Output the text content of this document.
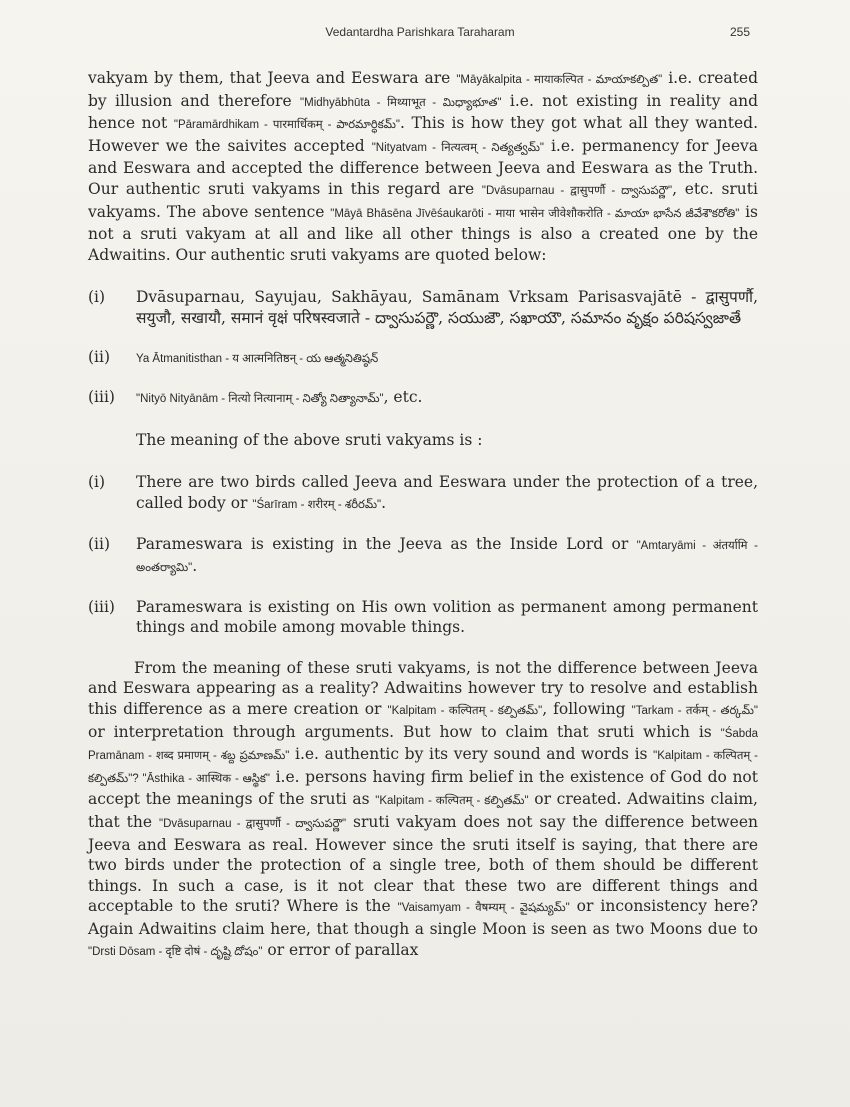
Vedantardha Parishkara Taraharam	255

vakyam by them, that Jeeva and Eeswara are "Māyākalpita - मायाकल्पित - మాయాకల్పిత" i.e. created by illusion and therefore "Midhyābhūta - मिथ्याभूत - మిధ్యాభూత" i.e. not existing in reality and hence not "Pāramārdhikam - पारमार्धिकम् - పారమార్ధికమ్". This is how they got what all they wanted. However we the saivites accepted "Nityatvam - नित्यत्वम् - నిత్యత్వమ్" i.e. permanency for Jeeva and Eeswara and accepted the difference between Jeeva and Eeswara as the Truth. Our authentic sruti vakyams in this regard are "Dvāsuparnau - द्वासुपर्णौ - ద్వాసుపర్ణౌ", etc. sruti vakyams. The above sentence "Māyā Bhāsēna Jīvēśaukarōti - माया भासेन जीवेशौकरोति - మాయా భాసేన జీవేశౌకరోతి" is not a sruti vakyam at all and like all other things is also a created one by the Adwaitins. Our authentic sruti vakyams are quoted below:

(i)	Dvāsuparnau, Sayujau, Sakhāyau, Samānam Vrksam Parisasvajātē - द्वासुपर्णौ, सयुजौ, सखायौ, समानं वृक्षं परिषस्वजाते - ద్వాసుపర్ణౌ, సయుజౌ, సఖాయౌ, సమానం వృక్షం పరిషస్వజాతే
(ii)	Ya Ātmanitisthan - य आत्मनितिष्ठन् - య ఆత్మనితిష్ఠన్
(iii)	"Nityō Nityānām - नित्यो नित्यानाम् - నిత్యో నిత్యానామ్", etc.

The meaning of the above sruti vakyams is :

(i)	There are two birds called Jeeva and Eeswara under the protection of a tree, called body or "Śarīram - शरीरम् - శరీరమ్".
(ii)	Parameswara is existing in the Jeeva as the Inside Lord or "Amtaryāmi - अंतर्यामि - అంతర్యామి".
(iii)	Parameswara is existing on His own volition as permanent among permanent things and mobile among movable things.

From the meaning of these sruti vakyams, is not the difference between Jeeva and Eeswara appearing as a reality? Adwaitins however try to resolve and establish this difference as a mere creation or "Kalpitam - कल्पितम् - కల్పితమ్", following "Tarkam - तर्कम् - తర్కమ్" or interpretation through arguments. But how to claim that sruti which is "Śabda Pramānam - शब्द प्रमाणम् - శబ్ద ప్రమాణమ్" i.e. authentic by its very sound and words is "Kalpitam - कल्पितम् - కల్పితమ్"? "Āsthika - आस्थिक - ఆస్థిక" i.e. persons having firm belief in the existence of God do not accept the meanings of the sruti as "Kalpitam - कल्पितम् - కల్పితమ్" or created. Adwaitins claim, that the "Dvāsuparnau - द्वासुपर्णौ - ద్వాసుపర్ణౌ" sruti vakyam does not say the difference between Jeeva and Eeswara as real. However since the sruti itself is saying, that there are two birds under the protection of a single tree, both of them should be different things. In such a case, is it not clear that these two are different things and acceptable to the sruti? Where is the "Vaisamyam - वैषम्यम् - వైషమ్యమ్" or inconsistency here? Again Adwaitins claim here, that though a single Moon is seen as two Moons due to "Drsti Dōsam - दृष्टि दोषं - దృష్టి దోషం" or error of parallax
